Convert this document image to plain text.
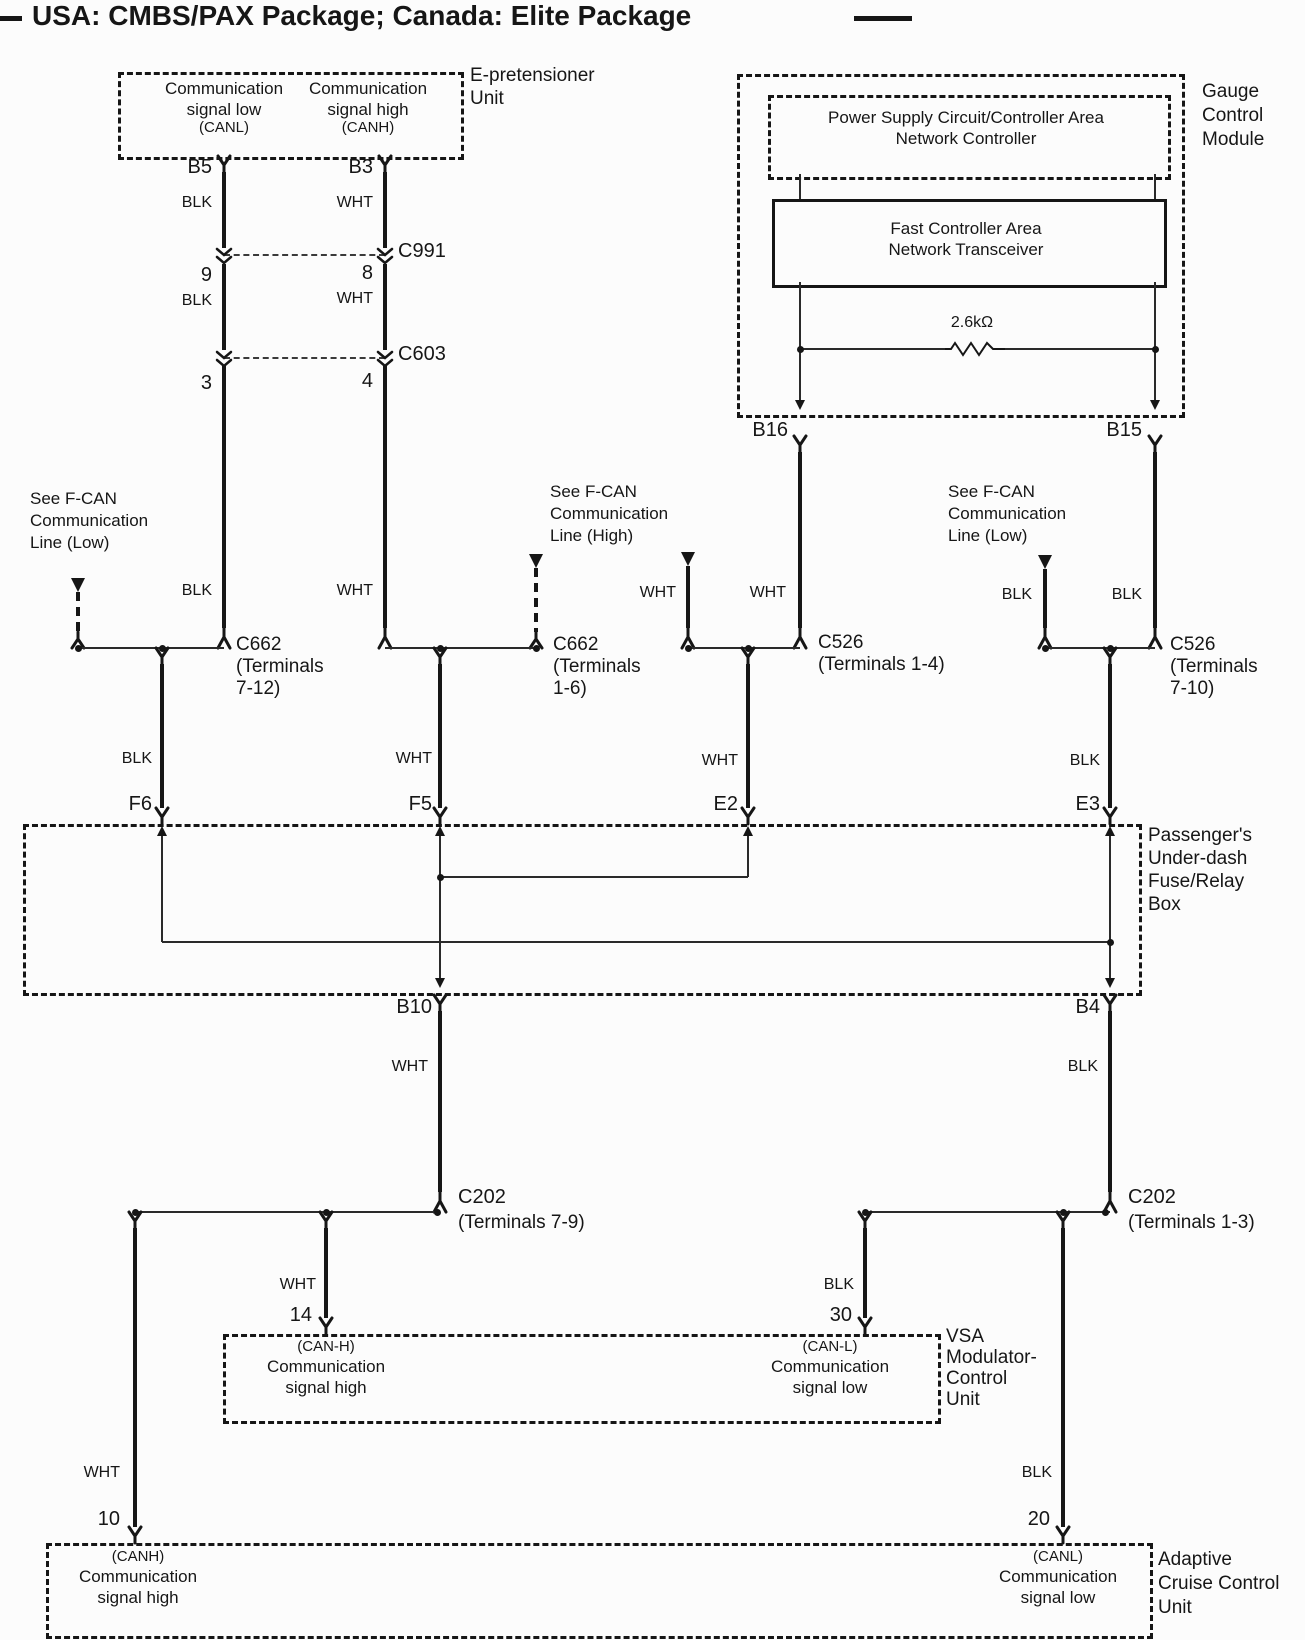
USA: CMBS/PAX Package; Canada: Elite Package
E-pretensioner
Unit
Communication
signal low
(CANL)
Communication
signal high
(CANH)
B5	B3
BLK	WHT
C991
9	8
BLK	WHT
C603
3	4
Gauge
Control
Module
Power Supply Circuit/Controller Area
Network Controller
Fast Controller Area
Network Transceiver
2.6kΩ
B16	B15
See F-CAN
Communication
Line (Low)
See F-CAN
Communication
Line (High)
See F-CAN
Communication
Line (Low)
BLK	WHT	WHT	WHT	BLK	BLK
C662
(Terminals
7-12)
C662
(Terminals
1-6)
C526
(Terminals 1-4)
C526
(Terminals
7-10)
BLK	WHT	WHT	BLK
F6	F5	E2	E3
Passenger's
Under-dash
Fuse/Relay
Box
B10	B4
WHT	BLK
C202
(Terminals 7-9)
C202
(Terminals 1-3)
WHT	BLK
14	30
(CAN-H)
Communication
signal high
(CAN-L)
Communication
signal low
VSA
Modulator-
Control
Unit
WHT	BLK
10	20
(CANH)
Communication
signal high
(CANL)
Communication
signal low
Adaptive
Cruise Control
Unit
